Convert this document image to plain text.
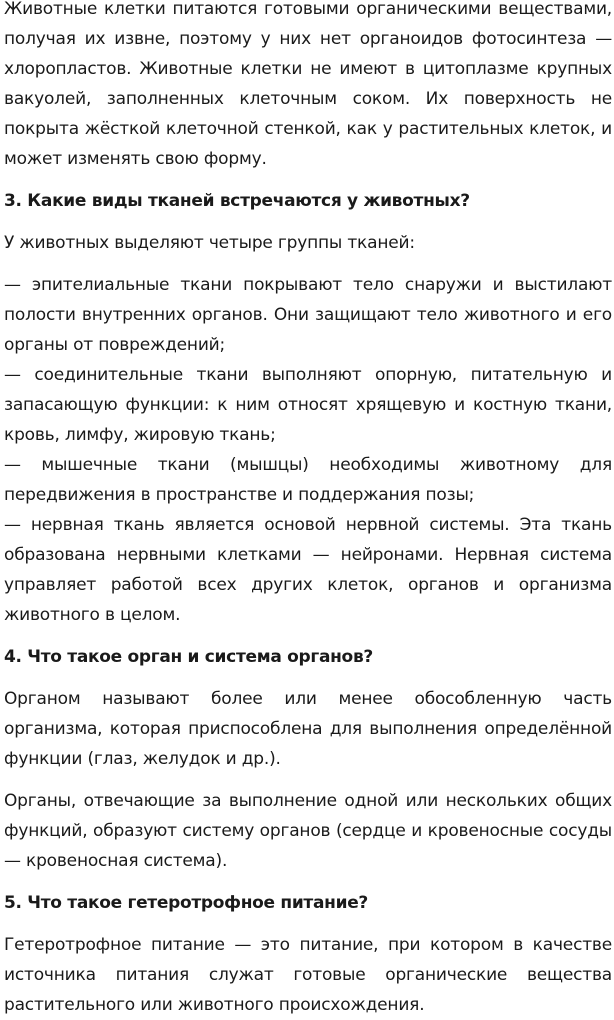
Животные клетки питаются готовыми органическими веществами, получая их извне, поэтому у них нет органоидов фотосинтеза — хлоропластов. Животные клетки не имеют в цитоплазме крупных вакуолей, заполненных клеточным соком. Их поверхность не покрыта жёсткой клеточной стенкой, как у растительных клеток, и может изменять свою форму.

3. Какие виды тканей встречаются у животных?

У животных выделяют четыре группы тканей:

— эпителиальные ткани покрывают тело снаружи и выстилают полости внутренних органов. Они защищают тело животного и его органы от повреждений;

— соединительные ткани выполняют опорную, питательную и запасающую функции: к ним относят хрящевую и костную ткани, кровь, лимфу, жировую ткань;

— мышечные ткани (мышцы) необходимы животному для передвижения в пространстве и поддержания позы;

— нервная ткань является основой нервной системы. Эта ткань образована нервными клетками — нейронами. Нервная система управляет работой всех других клеток, органов и организма животного в целом.

4. Что такое орган и система органов?

Органом называют более или менее обособленную часть организма, которая приспособлена для выполнения определённой функции (глаз, желудок и др.).

Органы, отвечающие за выполнение одной или нескольких общих функций, образуют систему органов (сердце и кровеносные сосуды — кровеносная система).

5. Что такое гетеротрофное питание?

Гетеротрофное питание — это питание, при котором в качестве источника питания служат готовые органические вещества растительного или животного происхождения.
